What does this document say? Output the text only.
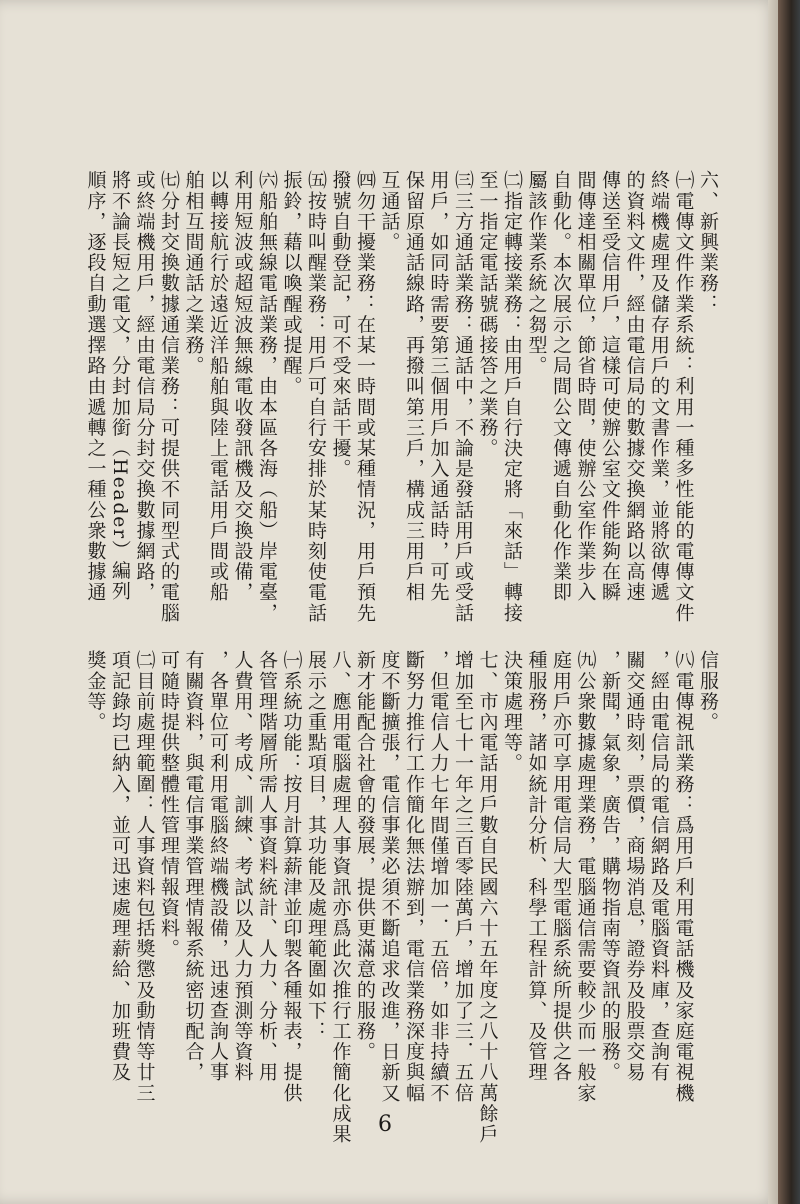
六、新興業務：
㈠電傳文件作業系統：利用一種多性能的電傳文件
終端機處理及儲存用戶的文書作業，並將欲傳遞
的資料文件，經由電信局的數據交換網路以高速
傳送至受信用戶，這樣可使辦公室文件能夠在瞬
間傳達相關單位，節省時間，使辦公室作業步入
自動化。本次展示之局間公文傳遞自動化作業即
屬該作業系統之芻型。
㈡指定轉接業務：由用戶自行決定將「來話」轉接
至一指定電話號碼接答之業務。
㈢三方通話業務：通話中，不論是發話用戶或受話
用戶，如同時需要第三個用戶加入通話時，可先
保留原通話線路，再撥叫第三戶，構成三用戶相
互通話。
㈣勿干擾業務：在某一時間或某種情況，用戶預先
撥號自動登記，可不受來話干擾。
㈤按時叫醒業務：用戶可自行安排於某時刻使電話
振鈴，藉以喚醒或提醒。
㈥船舶無線電話業務，由本區各海（船）岸電臺，
利用短波或超短波無線電收發訊機及交換設備，
以轉接航行於遠近洋船舶與陸上電話用戶間或船
舶相互間通話之業務。
㈦分封交換數據通信業務：可提供不同型式的電腦
或終端機用戶，經由電信局分封交換數據網路，
將不論長短之電文，分封加銜（Header）編列
順序，逐段自動選擇路由遞轉之一種公衆數據通
信服務。
㈧電傳視訊業務：爲用戶利用電話機及家庭電視機
，經由電信局的電信網路及電腦資料庫，查詢有
關交通時刻，票價，商場消息，證券及股票交易
，新聞，氣象，廣告，購物指南等資訊的服務。
㈨公衆數據處理業務，電腦通信需要較少而一般家
庭用戶亦可享用電信局大型電腦系統所提供之各
種服務，諸如統計分析、科學工程計算、及管理
決策處理等。
七、市內電話用戶數自民國六十五年度之八十八萬餘戶
增加至七十一年之三百零陸萬戶，增加了三．五倍
，但電信人力七年間僅增加一．五倍，如非持續不
斷努力推行工作簡化無法辦到，電信業務深度與幅
度不斷擴張，電信事業必須不斷追求改進，日新又
新才能配合社會的發展，提供更滿意的服務。
八、應用電腦處理人事資訊亦爲此次推行工作簡化成果
展示之重點項目，其功能及處理範圍如下：
㈠系統功能：按月計算薪津並印製各種報表，提供
各管理階層所需人事資料統計、人力、分析、用
人費用、考成、訓練、考試以及人力預測等資料
，各單位可利用電腦終端機設備，迅速查詢人事
有關資料，與電信事業管理情報系統密切配合，
可隨時提供整體性管理情報資料。
㈡目前處理範圍：人事資料包括獎懲及動情等廿三
項記錄均已納入，並可迅速處理薪給、加班費及
獎金等。
6
